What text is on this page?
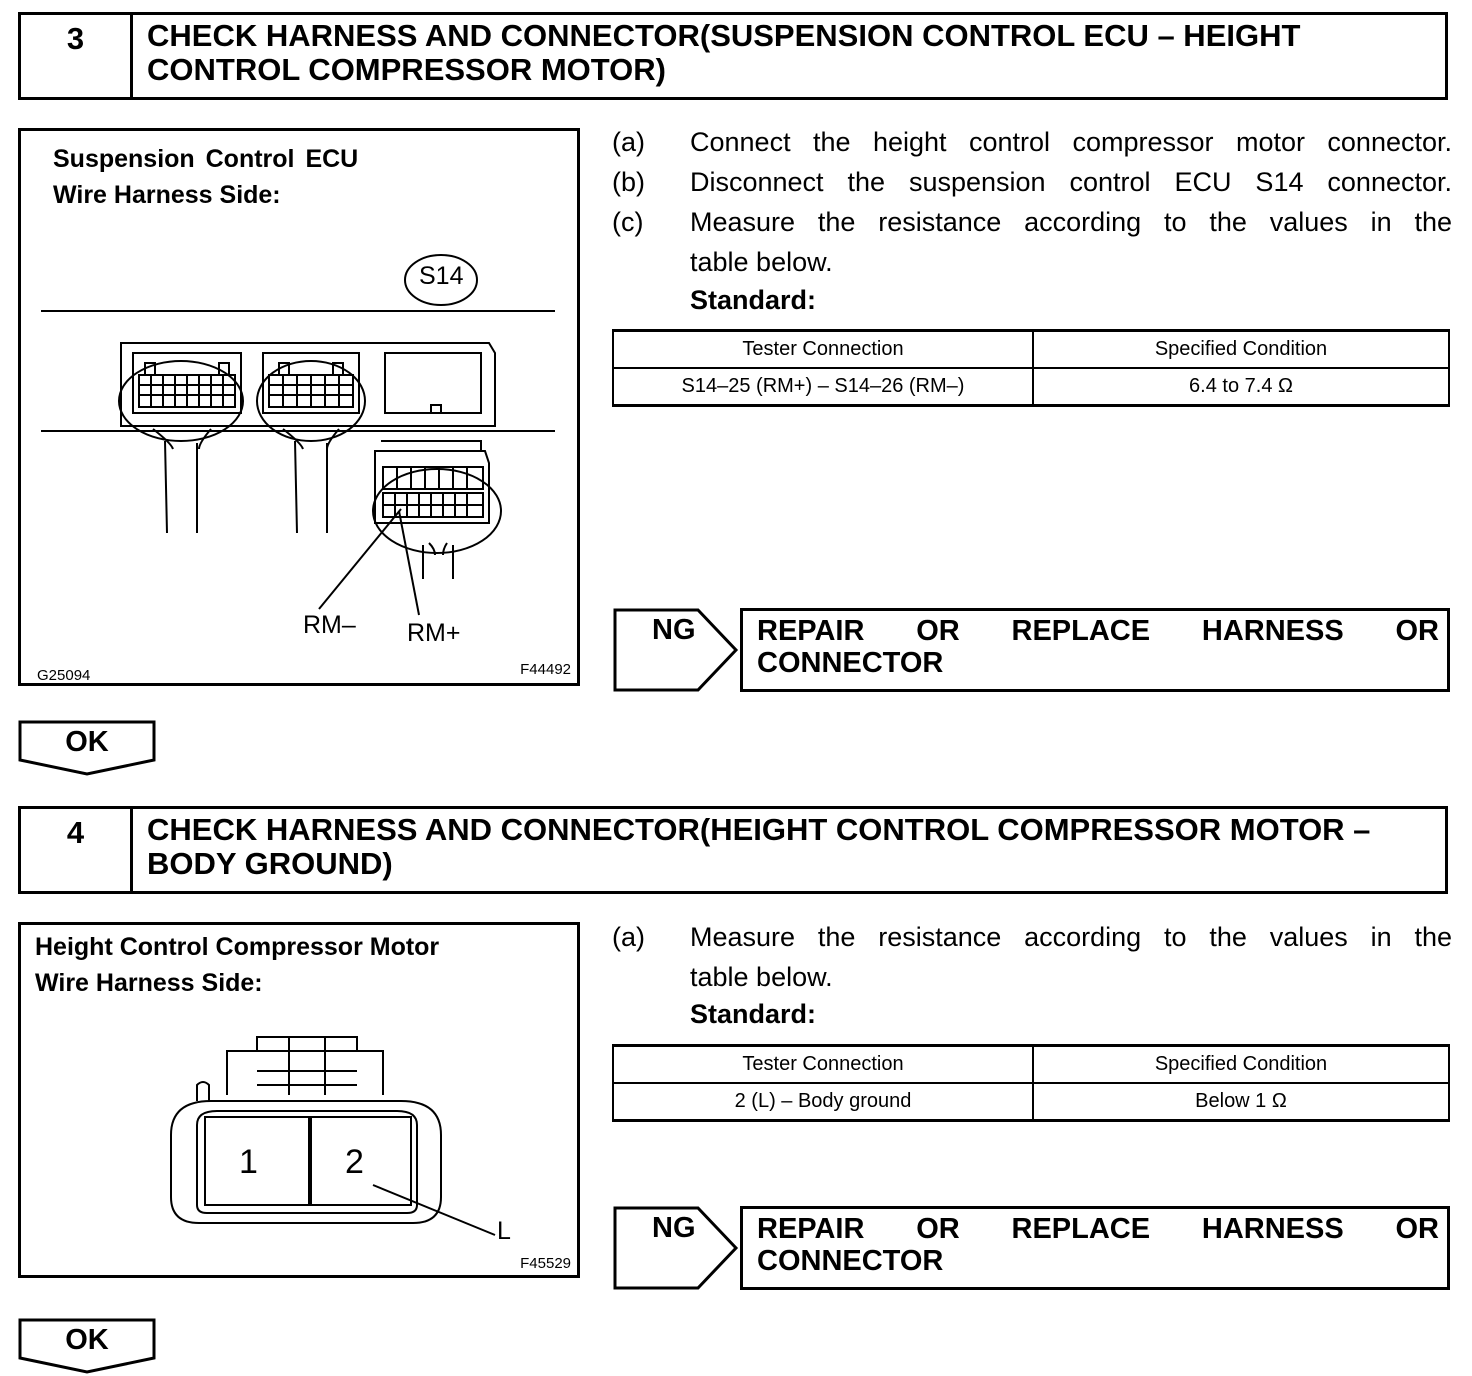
3	CHECK HARNESS AND CONNECTOR(SUSPENSION CONTROL ECU – HEIGHT CONTROL COMPRESSOR MOTOR)
Suspension Control ECU
Wire Harness Side:
S14
RM– RM+
G25094	F44492
(a) Connect the height control compressor motor connector.
(b) Disconnect the suspension control ECU S14 connector.
(c) Measure the resistance according to the values in the
table below.
Standard:
Tester Connection	Specified Condition
S14–25 (RM+) – S14–26 (RM–)	6.4 to 7.4 Ω
NG REPAIR OR REPLACE HARNESS OR
CONNECTOR
OK
4	CHECK HARNESS AND CONNECTOR(HEIGHT CONTROL COMPRESSOR MOTOR – BODY GROUND)
Height Control Compressor Motor
Wire Harness Side:
1	2
L
F45529
(a) Measure the resistance according to the values in the
table below.
Standard:
Tester Connection	Specified Condition
2 (L) – Body ground	Below 1 Ω
NG REPAIR OR REPLACE HARNESS OR
CONNECTOR
OK
